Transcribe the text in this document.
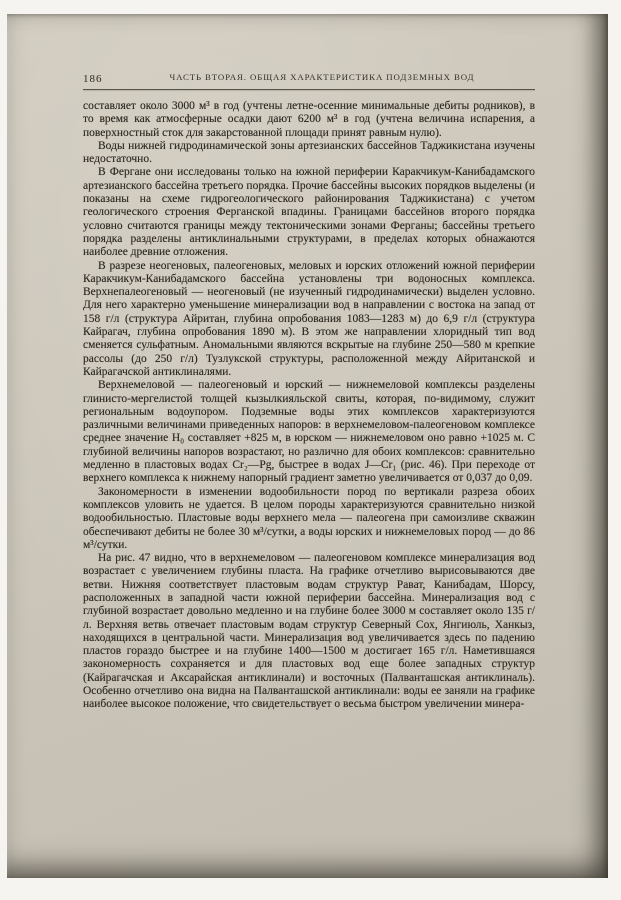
186	ЧАСТЬ ВТОРАЯ. ОБЩАЯ ХАРАКТЕРИСТИКА ПОДЗЕМНЫХ ВОД

составляет около 3000 м³ в год (учтены летне-осенние минимальные дебиты родников), в то время как атмосферные осадки дают 6200 м³ в год (учтена величина испарения, а поверхностный сток для закарстованной площади принят равным нулю).

Воды нижней гидродинамической зоны артезианских бассейнов Таджикистана изучены недостаточно.

В Фергане они исследованы только на южной периферии Каракчикум-Канибадамского артезианского бассейна третьего порядка. Прочие бассейны высоких порядков выделены (и показаны на схеме гидрогеологического районирования Таджикистана) с учетом геологического строения Ферганской впадины. Границами бассейнов второго порядка условно считаются границы между тектоническими зонами Ферганы; бассейны третьего порядка разделены антиклинальными структурами, в пределах которых обнажаются наиболее древние отложения.

В разрезе неогеновых, палеогеновых, меловых и юрских отложений южной периферии Каракчикум-Канибадамского бассейна установлены три водоносных комплекса. Верхнепалеогеновый — неогеновый (не изученный гидродинамически) выделен условно. Для него характерно уменьшение минерализации вод в направлении с востока на запад от 158 г/л (структура Айритан, глубина опробования 1083—1283 м) до 6,9 г/л (структура Кайрагач, глубина опробования 1890 м). В этом же направлении хлоридный тип вод сменяется сульфатным. Аномальными являются вскрытые на глубине 250—580 м крепкие рассолы (до 250 г/л) Тузлукской структуры, расположенной между Айританской и Кайрагачской антиклиналями.

Верхнемеловой — палеогеновый и юрский — нижнемеловой комплексы разделены глинисто-мергелистой толщей кызылкияльской свиты, которая, по-видимому, служит региональным водоупором. Подземные воды этих комплексов характеризуются различными величинами приведенных напоров: в верхнемеловом-палеогеновом комплексе среднее значение H₀ составляет +825 м, в юрском — нижнемеловом оно равно +1025 м. С глубиной величины напоров возрастают, но различно для обоих комплексов: сравнительно медленно в пластовых водах Cr₂—Pg, быстрее в водах J—Cr₁ (рис. 46). При переходе от верхнего комплекса к нижнему напорный градиент заметно увеличивается от 0,037 до 0,09.

Закономерности в изменении водообильности пород по вертикали разреза обоих комплексов уловить не удается. В целом породы характеризуются сравнительно низкой водообильностью. Пластовые воды верхнего мела — палеогена при самоизливе скважин обеспечивают дебиты не более 30 м³/сутки, а воды юрских и нижнемеловых пород — до 86 м³/сутки.

На рис. 47 видно, что в верхнемеловом — палеогеновом комплексе минерализация вод возрастает с увеличением глубины пласта. На графике отчетливо вырисовываются две ветви. Нижняя соответствует пластовым водам структур Рават, Канибадам, Шорсу, расположенных в западной части южной периферии бассейна. Минерализация вод с глубиной возрастает довольно медленно и на глубине более 3000 м составляет около 135 г/л. Верхняя ветвь отвечает пластовым водам структур Северный Сох, Янгиюль, Ханкыз, находящихся в центральной части. Минерализация вод увеличивается здесь по падению пластов гораздо быстрее и на глубине 1400—1500 м достигает 165 г/л. Наметившаяся закономерность сохраняется и для пластовых вод еще более западных структур (Кайрагачская и Аксарайская антиклинали) и восточных (Палванташская антиклиналь). Особенно отчетливо она видна на Палванташской антиклинали: воды ее заняли на графике наиболее высокое положение, что свидетельствует о весьма быстром увеличении минера-
